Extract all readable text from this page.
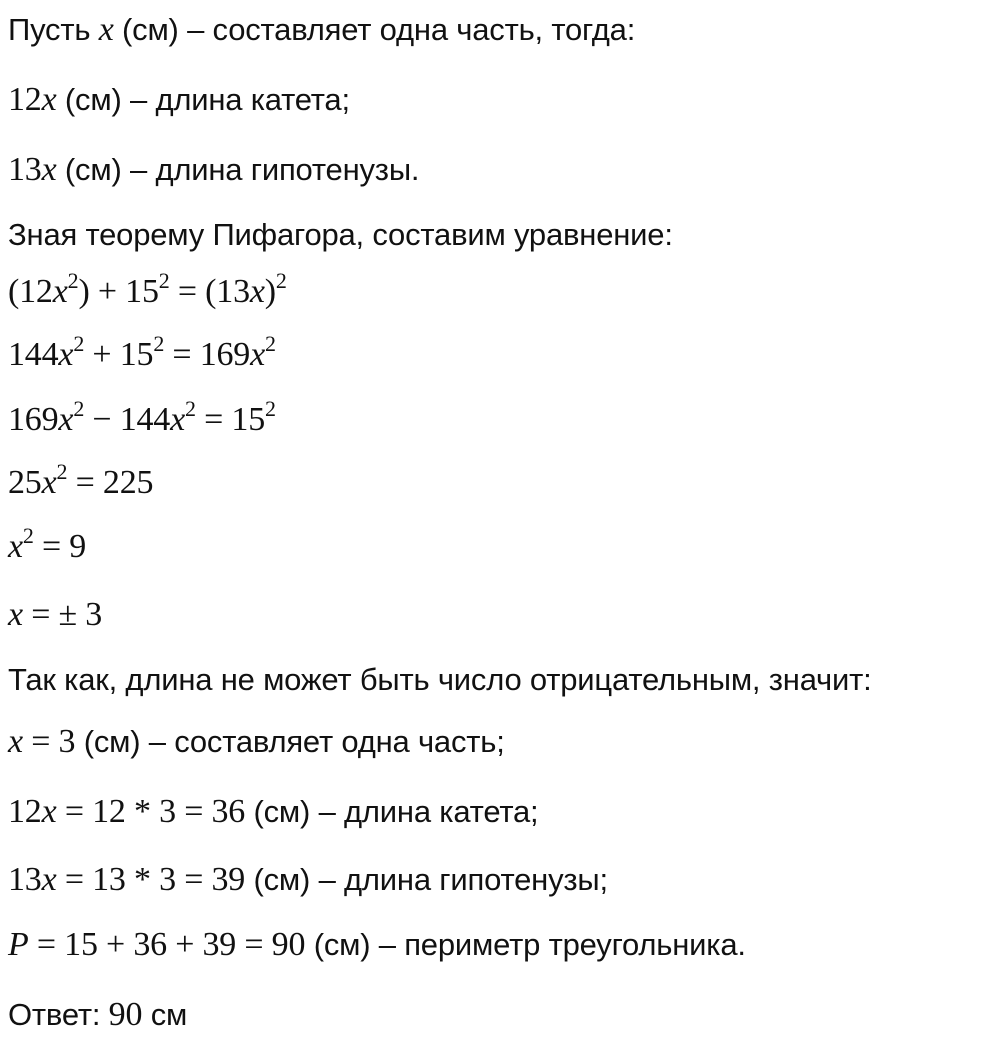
Пусть x (см) – составляет одна часть, тогда:
12x (см) – длина катета;
13x (см) – длина гипотенузы.
Зная теорему Пифагора, составим уравнение:
$(12x^2) + 15^2 = (13x)^2$
$144x^2 + 15^2 = 169x^2$
$169x^2 - 144x^2 = 15^2$
$25x^2 = 225$
$x^2 = 9$
x = ± 3
Так как, длина не может быть число отрицательным, значит:
x = 3 (см) – составляет одна часть;
12x = 12 * 3 = 36 (см) – длина катета;
13x = 13 * 3 = 39 (см) – длина гипотенузы;
P = 15 + 36 + 39 = 90 (см) – периметр треугольника.
Ответ: 90 см
